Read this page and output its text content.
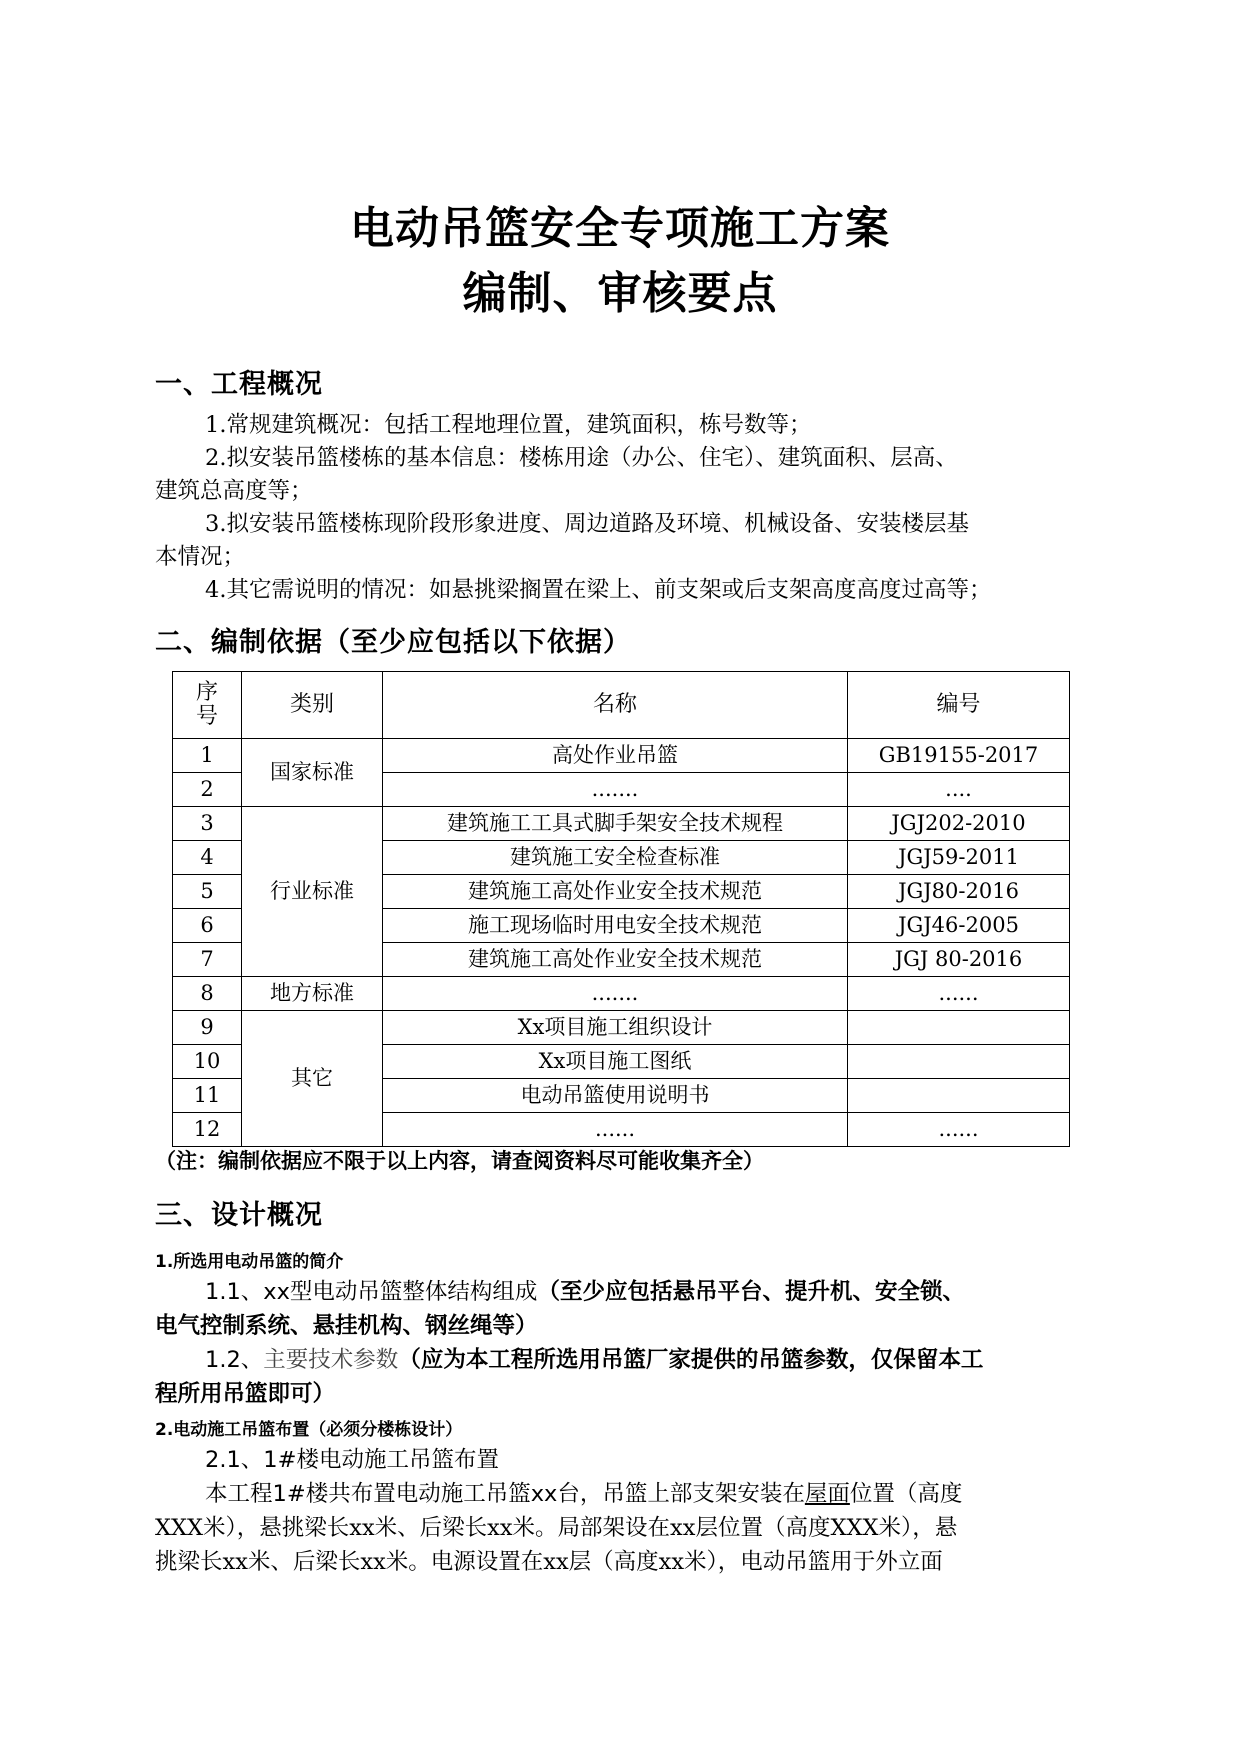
电动吊篮安全专项施工方案
编制、审核要点
一、工程概况
1.常规建筑概况：包括工程地理位置，建筑面积，栋号数等；
2.拟安装吊篮楼栋的基本信息：楼栋用途（办公、住宅）、建筑面积、层高、
建筑总高度等；
3.拟安装吊篮楼栋现阶段形象进度、周边道路及环境、机械设备、安装楼层基
本情况；
4.其它需说明的情况：如悬挑梁搁置在梁上、前支架或后支架高度高度过高等；
二、编制依据（至少应包括以下依据）
序号	类别	名称	编号
1	国家标准	高处作业吊篮	GB19155-2017
2		.......	....
3	行业标准	建筑施工工具式脚手架安全技术规程	JGJ202-2010
4		建筑施工安全检查标准	JGJ59-2011
5		建筑施工高处作业安全技术规范	JGJ80-2016
6		施工现场临时用电安全技术规范	JGJ46-2005
7		建筑施工高处作业安全技术规范	JGJ 80-2016
8	地方标准	.......	......
9	其它	Xx项目施工组织设计	
10		Xx项目施工图纸	
11		电动吊篮使用说明书	
12		......	......
（注：编制依据应不限于以上内容，请查阅资料尽可能收集齐全）
三、设计概况
1.所选用电动吊篮的简介
1.1、xx型电动吊篮整体结构组成（至少应包括悬吊平台、提升机、安全锁、
电气控制系统、悬挂机构、钢丝绳等）
1.2、主要技术参数（应为本工程所选用吊篮厂家提供的吊篮参数，仅保留本工
程所用吊篮即可）
2.电动施工吊篮布置（必须分楼栋设计）
2.1、1#楼电动施工吊篮布置
本工程1#楼共布置电动施工吊篮xx台，吊篮上部支架安装在屋面位置（高度
XXX米），悬挑梁长xx米、后梁长xx米。局部架设在xx层位置（高度XXX米），悬
挑梁长xx米、后梁长xx米。电源设置在xx层（高度xx米），电动吊篮用于外立面
